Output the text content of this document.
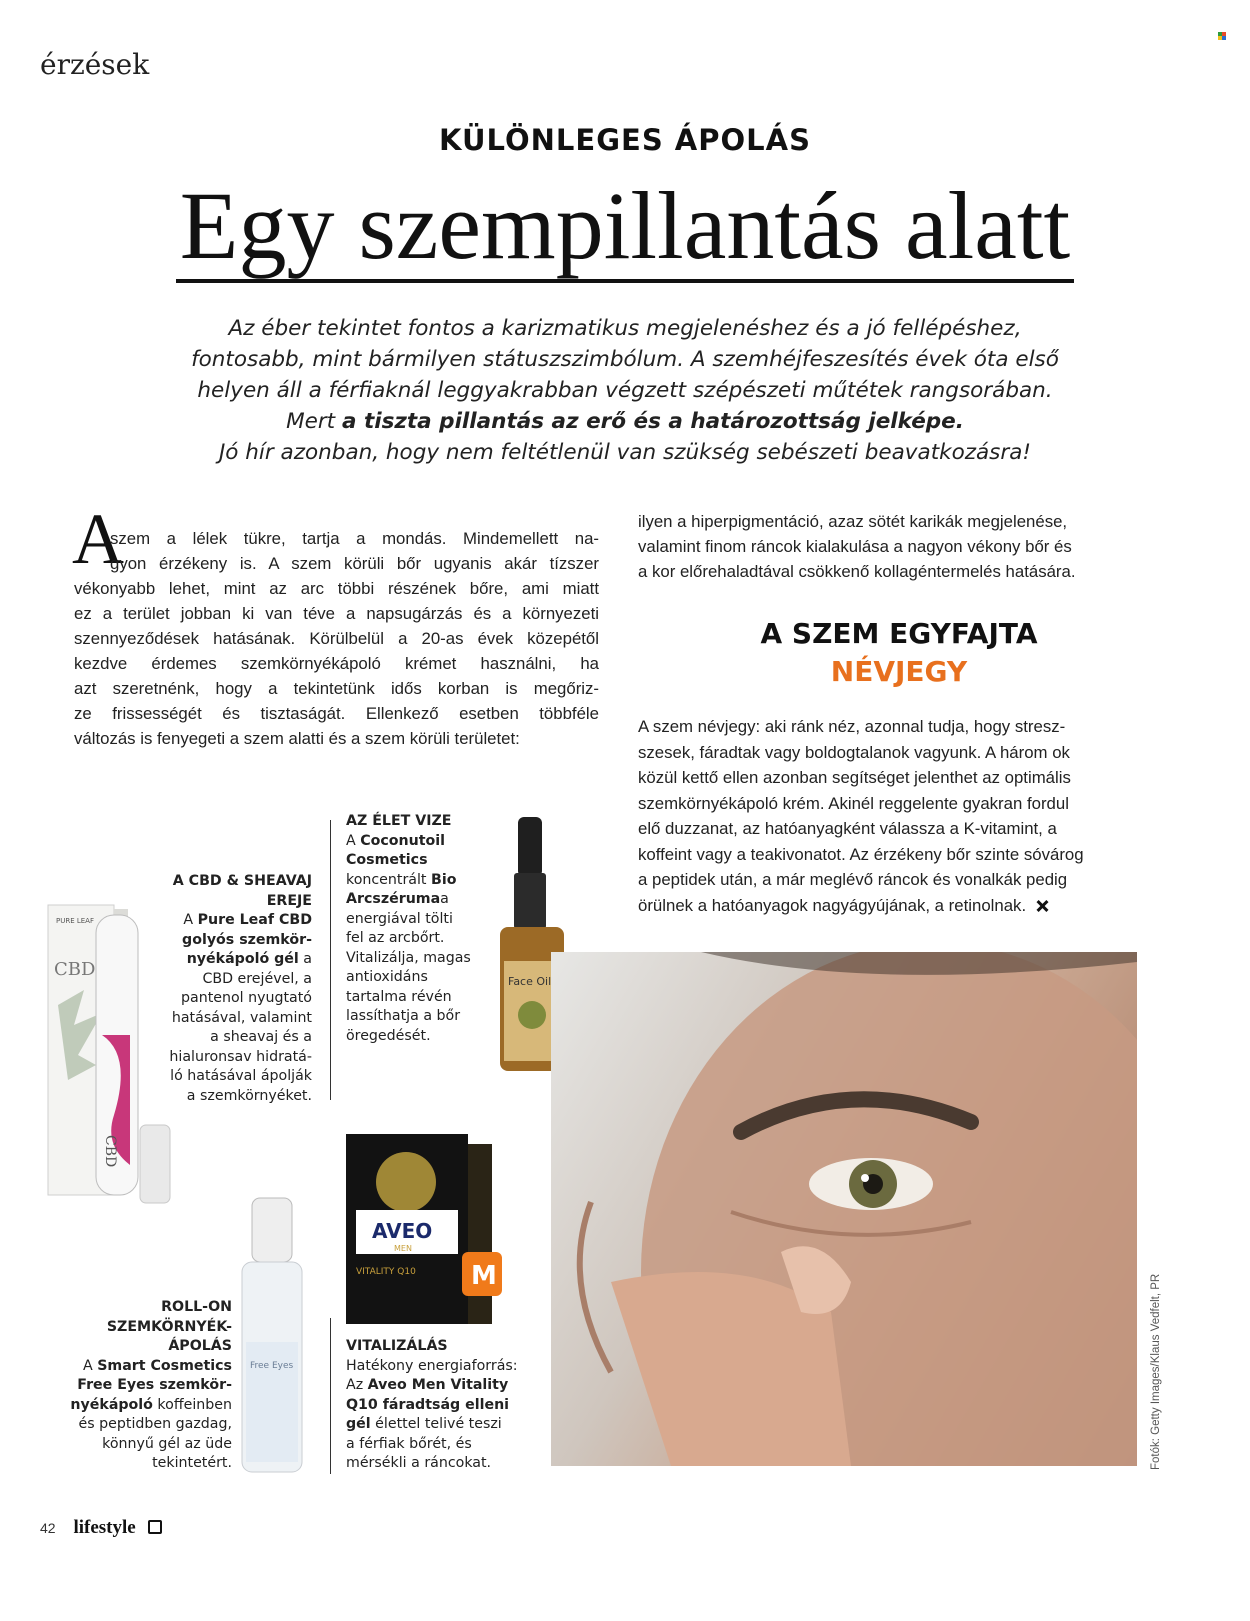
érzések
KÜLÖNLEGES ÁPOLÁS
Egy szempillantás alatt
Az éber tekintet fontos a karizmatikus megjelenéshez és a jó fellépéshez,
fontosabb, mint bármilyen státuszszimbólum. A szemhéjfeszesítés évek óta első
helyen áll a férfiaknál leggyakrabban végzett szépészeti műtétek rangsorában.
Mert a tiszta pillantás az erő és a határozottság jelképe.
Jó hír azonban, hogy nem feltétlenül van szükség sebészeti beavatkozásra!
A
szem a lélek tükre, tartja a mondás. Mindemellett na-
gyon érzékeny is. A szem körüli bőr ugyanis akár tízszer
vékonyabb lehet, mint az arc többi részének bőre, ami miatt
ez a terület jobban ki van téve a napsugárzás és a környezeti
szennyeződések hatásának. Körülbelül a 20-as évek közepétől
kezdve érdemes szemkörnyékápoló krémet használni, ha
azt szeretnénk, hogy a tekintetünk idős korban is megőriz-
ze frissességét és tisztaságát. Ellenkező esetben többféle
változás is fenyegeti a szem alatti és a szem körüli területet:
ilyen a hiperpigmentáció, azaz sötét karikák megjelenése,
valamint finom ráncok kialakulása a nagyon vékony bőr és
a kor előrehaladtával csökkenő kollagéntermelés hatására.
A SZEM EGYFAJTA
NÉVJEGY
A szem névjegy: aki ránk néz, azonnal tudja, hogy stresz-
szesek, fáradtak vagy boldogtalanok vagyunk. A három ok
közül kettő ellen azonban segítséget jelenthet az optimális
szemkörnyékápoló krém. Akinél reggelente gyakran fordul
elő duzzanat, az hatóanyagként válassza a K-vitamint, a
koffeint vagy a teakivonatot. Az érzékeny bőr szinte sóvárog
a peptidek után, a már meglévő ráncok és vonalkák pedig
örülnek a hatóanyagok nagyágyújának, a retinolnak.
PURE LEAF
CBD
CBD
Face Oil
AVEO
MEN
VITALITY Q10 M
Free Eyes
A CBD & SHEAVAJ
EREJE
A Pure Leaf CBD
golyós szemkör-
nyékápoló gél a
CBD erejével, a
pantenol nyugtató
hatásával, valamint
a sheavaj és a
hialuronsav hidratá-
ló hatásával ápolják
a szemkörnyéket.
AZ ÉLET VIZE
A Coconutoil
Cosmetics
koncentrált Bio
Arcszérumaa
energiával tölti
fel az arcbőrt.
Vitalizálja, magas
antioxidáns
tartalma révén
lassíthatja a bőr
öregedését.
ROLL-ON
SZEMKÖRNYÉK-
ÁPOLÁS
A Smart Cosmetics
Free Eyes szemkör-
nyékápoló koffeinben
és peptidben gazdag,
könnyű gél az üde
tekintetért.
VITALIZÁLÁS
Hatékony energiaforrás:
Az Aveo Men Vitality
Q10 fáradtság elleni
gél élettel telivé teszi
a férfiak bőrét, és
mérsékli a ráncokat.	Fotók: Getty Images/Klaus Vedfelt, PR
42 lifestyle
